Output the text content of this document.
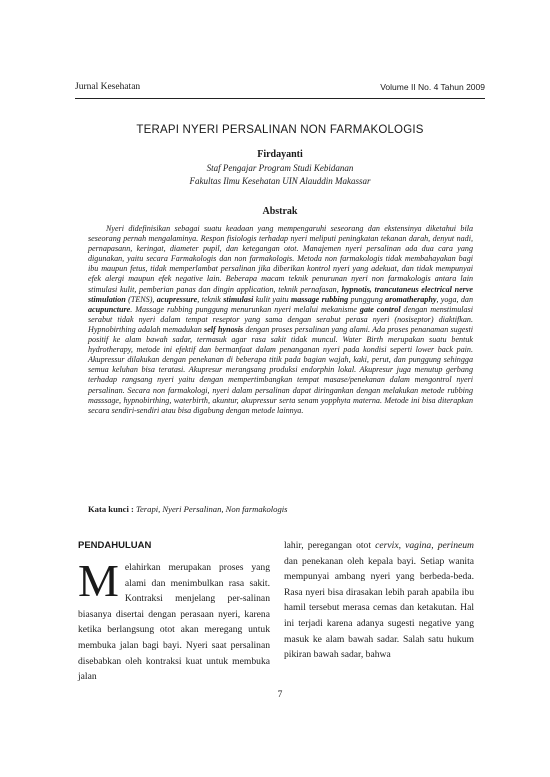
Jurnal Kesehatan	Volume II No. 4 Tahun 2009
TERAPI NYERI PERSALINAN NON FARMAKOLOGIS
Firdayanti
Staf Pengajar Program Studi Kebidanan
Fakultas Ilmu Kesehatan UIN Alauddin Makassar
Abstrak

Nyeri didefinisikan sebagai suatu keadaan yang mempengaruhi seseorang dan ekstensinya diketahui bila seseorang pernah mengalaminya. Respon fisiologis terhadap nyeri meliputi peningkatan tekanan darah, denyut nadi, pernapasann, keringat, diameter pupil, dan ketegangan otot. Manajemen nyeri persalinan ada dua cara yang digunakan, yaitu secara Farmakologis dan non farmakologis. Metoda non farmakologis tidak membahayakan bagi ibu maupun fetus, tidak memperlambat persalinan jika diberikan kontrol nyeri yang adekuat, dan tidak mempunyai efek alergi maupun efek negative lain. Beberapa macam teknik penurunan nyeri non farmakologis antara lain stimulasi kulit, pemberian panas dan dingin application, teknik pernafasan, hypnotis, trancutaneus electrical nerve stimulation (TENS), acupressure, teknik stimulasi kulit yaitu massage rubbing punggung aromatheraphy, yoga, dan acupuncture. Massage rubbing punggung menurunkan nyeri melalui mekanisme gate control dengan menstimulasi serabut tidak nyeri dalam tempat reseptor yang sama dengan serabut perasa nyeri (nosiseptor) diaktifkan. Hypnobirthing adalah memadukan self hynosis dengan proses persalinan yang alami. Ada proses penanaman sugesti positif ke alam bawah sadar, termasuk agar rasa sakit tidak muncul. Water Birth merupakan suatu bentuk hydrotherapy, metode ini efektif dan bermanfaat dalam penanganan nyeri pada kondisi seperti lower back pain. Akupressur dilakukan dengan penekanan di beberapa titik pada bagian wajah, kaki, perut, dan punggung sehingga semua keluhan bisa teratasi. Akupresur merangsang produksi endorphin lokal. Akupresur juga menutup gerbang terhadap rangsang nyeri yaitu dengan mempertimbangkan tempat masase/penekanan dalam mengontrol nyeri persalinan. Secara non farmakologi, nyeri dalam persalinan dapat diringankan dengan melakukan metode rubbing masssage, hypnobirthing, waterbirth, akuntur, akupressur serta senam yopphyta materna. Metode ini bisa diterapkan secara sendiri-sendiri atau bisa digabung dengan metode lainnya.

Kata kunci : Terapi, Nyeri Persalinan, Non farmakologis
PENDAHULUAN

Melahirkan merupakan proses yang alami dan menimbulkan rasa sakit. Kontraksi menjelang per-salinan biasanya disertai dengan perasaan nyeri, karena ketika berlangsung otot akan meregang untuk membuka jalan bagi bayi. Nyeri saat persalinan disebabkan oleh kontraksi kuat untuk membuka jalan

lahir, peregangan otot cervix, vagina, perineum dan penekanan oleh kepala bayi. Setiap wanita mempunyai ambang nyeri yang berbeda-beda. Rasa nyeri bisa dirasakan lebih parah apabila ibu hamil tersebut merasa cemas dan ketakutan. Hal ini terjadi karena adanya sugesti negative yang masuk ke alam bawah sadar. Salah satu hukum pikiran bawah sadar, bahwa

7
